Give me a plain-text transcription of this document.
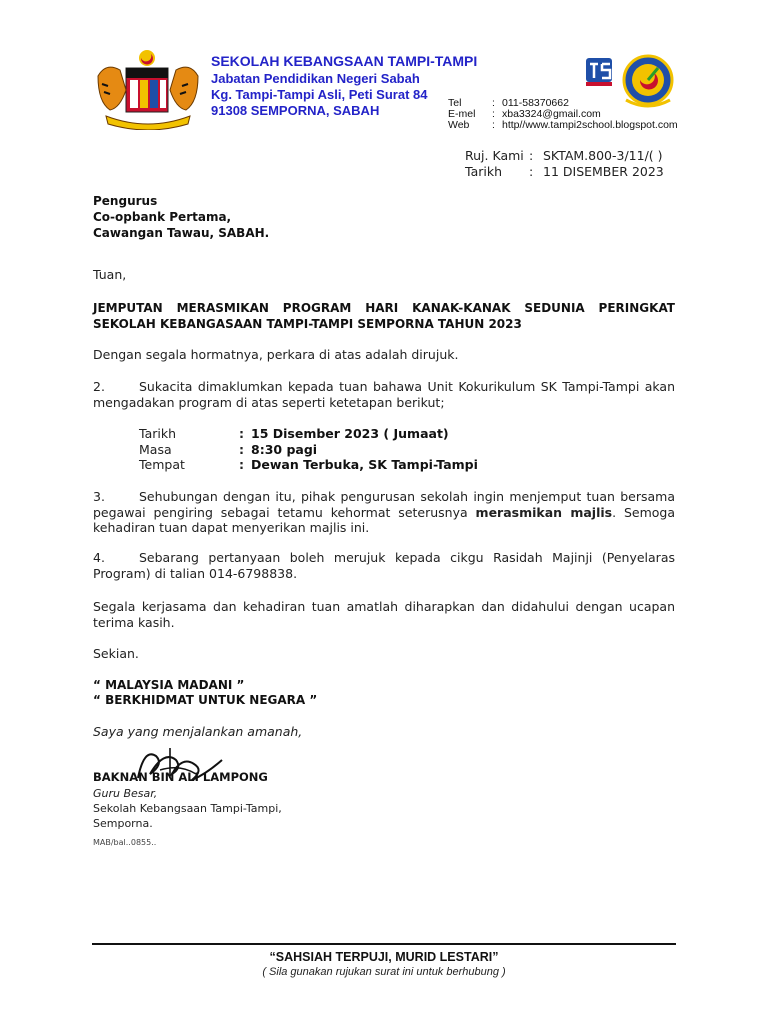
SEKOLAH KEBANGSAAN TAMPI-TAMPI
Jabatan Pendidikan Negeri Sabah
Kg. Tampi-Tampi Asli, Peti Surat 84
91308 SEMPORNA, SABAH	Tel	: 011-58370662
E-mel : xba3324@gmail.com
Web : http//www.tampi2school.blogspot.com
Ruj. Kami : SKTAM.800-3/11/( )
Tarikh : 11 DISEMBER 2023
Pengurus
Co-opbank Pertama,
Cawangan Tawau, SABAH.
Tuan,
JEMPUTAN MERASMIKAN PROGRAM HARI KANAK-KANAK SEDUNIA PERINGKAT SEKOLAH KEBANGASAAN TAMPI-TAMPI SEMPORNA TAHUN 2023
Dengan segala hormatnya, perkara di atas adalah dirujuk.
2.	Sukacita dimaklumkan kepada tuan bahawa Unit Kokurikulum SK Tampi-Tampi akan mengadakan program di atas seperti ketetapan berikut;
Tarikh	: 15 Disember 2023 ( Jumaat)
Masa	: 8:30 pagi
Tempat	: Dewan Terbuka, SK Tampi-Tampi
3.	Sehubungan dengan itu, pihak pengurusan sekolah ingin menjemput tuan bersama pegawai pengiring sebagai tetamu kehormat seterusnya merasmikan majlis. Semoga kehadiran tuan dapat menyerikan majlis ini.
4.	Sebarang pertanyaan boleh merujuk kepada cikgu Rasidah Majinji (Penyelaras Program) di talian 014-6798838.
Segala kerjasama dan kehadiran tuan amatlah diharapkan dan didahului dengan ucapan terima kasih.
Sekian.
“ MALAYSIA MADANI ”
“ BERKHIDMAT UNTUK NEGARA ”
Saya yang menjalankan amanah,
BAKNAN BIN ALI LAMPONG
Guru Besar,
Sekolah Kebangsaan Tampi-Tampi,
Semporna.
MAB/bal..0855..
“SAHSIAH TERPUJI, MURID LESTARI”
( Sila gunakan rujukan surat ini untuk berhubung )
